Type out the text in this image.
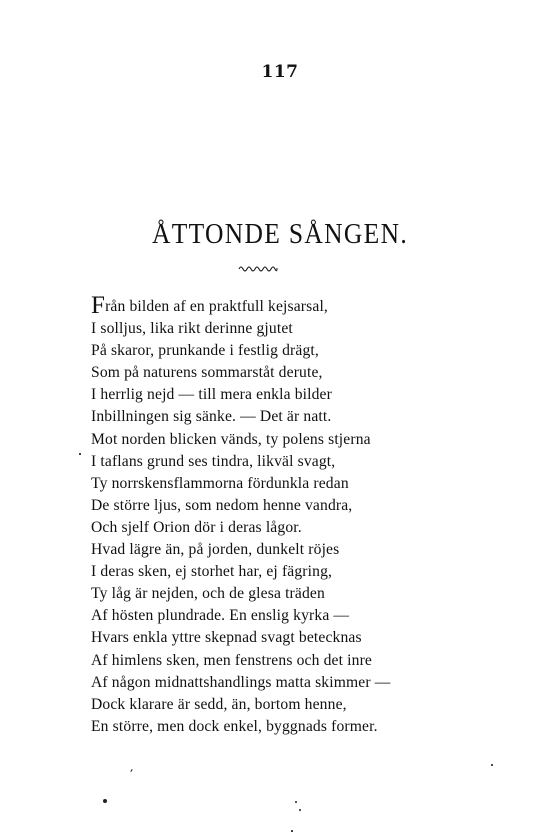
117
ÅTTONDE SÅNGEN.
Från bilden af en praktfull kejsarsal,
I solljus, lika rikt derinne gjutet
På skaror, prunkande i festlig drägt,
Som på naturens sommarståt derute,
I herrlig nejd — till mera enkla bilder
Inbillningen sig sänke. — Det är natt.
Mot norden blicken vänds, ty polens stjerna
I taflans grund ses tindra, likväl svagt,
Ty norrskensflammorna fördunkla redan
De större ljus, som nedom henne vandra,
Och sjelf Orion dör i deras lågor.
Hvad lägre än, på jorden, dunkelt röjes
I deras sken, ej storhet har, ej fägring,
Ty låg är nejden, och de glesa träden
Af hösten plundrade. En enslig kyrka —
Hvars enkla yttre skepnad svagt betecknas
Af himlens sken, men fenstrens och det inre
Af någon midnattshandlings matta skimmer —
Dock klarare är sedd, än, bortom henne,
En större, men dock enkel, byggnads former.
